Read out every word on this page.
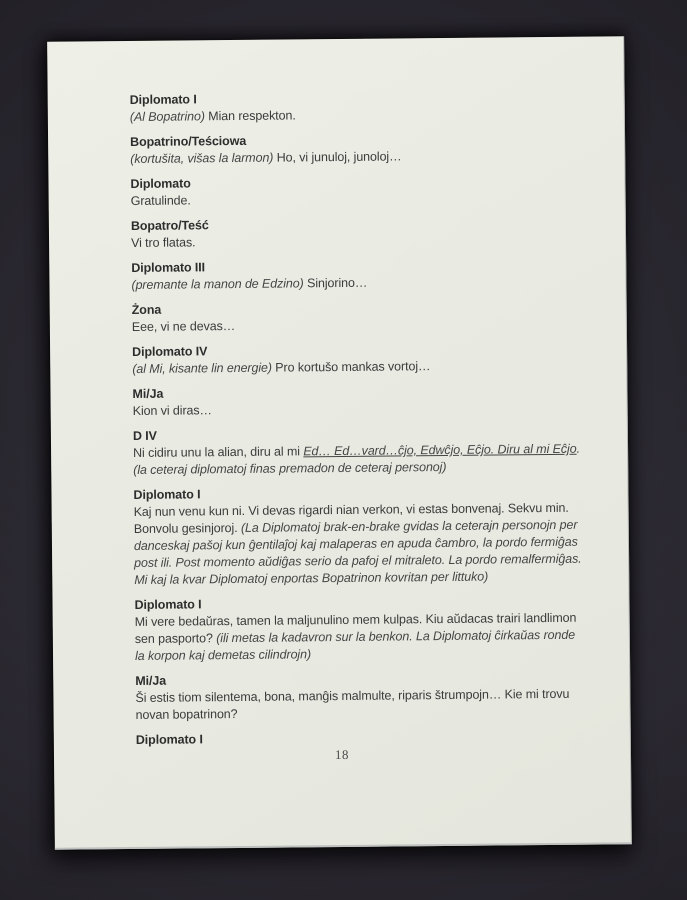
Diplomato I
(Al Bopatrino) Mian respekton.
Bopatrino/Teściowa
(kortušita, višas la larmon) Ho, vi junuloj, junoloj…
Diplomato
Gratulinde.
Bopatro/Teść
Vi tro flatas.
Diplomato III
(premante la manon de Edzino) Sinjorino…
Żona
Eee, vi ne devas…
Diplomato IV
(al Mi, kisante lin energie) Pro kortušo mankas vortoj…
Mi/Ja
Kion vi diras…
D IV
Ni cidiru unu la alian, diru al mi Ed… Ed…vard…ĉjo, Edwĉjo, Eĉjo. Diru al mi Eĉjo. (la ceteraj diplomatoj finas premadon de ceteraj personoj)
Diplomato I
Kaj nun venu kun ni. Vi devas rigardi nian verkon, vi estas bonvenaj. Sekvu min. Bonvolu gesinjoroj. (La Diplomatoj brak-en-brake gvidas la ceterajn personojn per danceskaj pašoj kun ĝentilaĵoj kaj malaperas en apuda ĉambro, la pordo fermiĝas post ili. Post momento aŭdiĝas serio da pafoj el mitraleto. La pordo remalfermiĝas. Mi kaj la kvar Diplomatoj enportas Bopatrinon kovritan per littuko)
Diplomato I
Mi vere bedaŭras, tamen la maljunulino mem kulpas. Kiu aŭdacas trairi landlimon sen pasporto? (ili metas la kadavron sur la benkon. La Diplomatoj ĉirkaŭas ronde la korpon kaj demetas cilindrojn)
Mi/Ja
Ši estis tiom silentema, bona, manĝis malmulte, riparis štrumpojn… Kie mi trovu novan bopatrinon?
Diplomato I
18
